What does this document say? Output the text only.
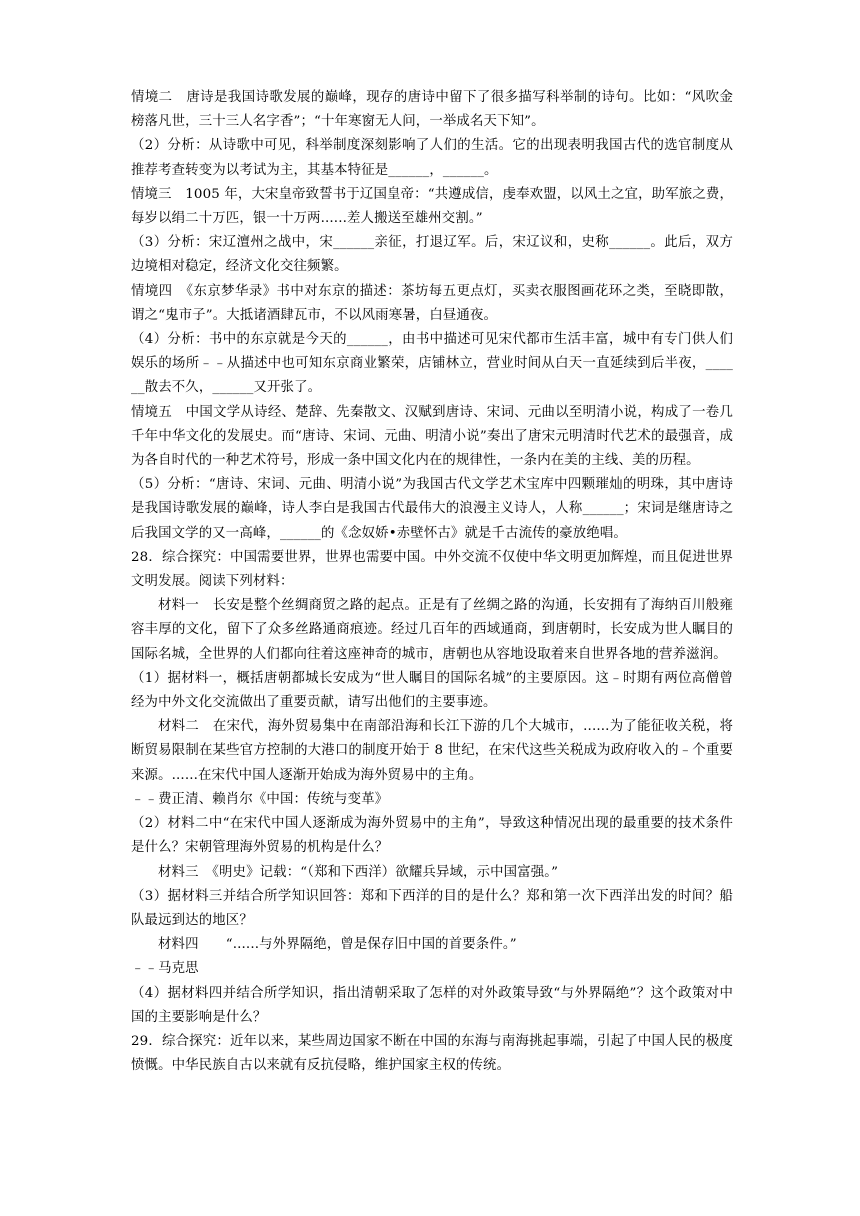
情境二　唐诗是我国诗歌发展的巅峰，现存的唐诗中留下了很多描写科举制的诗句。比如：“风吹金榜落凡世，三十三人名字香”；“十年寒窗无人问，一举成名天下知”。

（2）分析：从诗歌中可见，科举制度深刻影响了人们的生活。它的出现表明我国古代的选官制度从推荐考查转变为以考试为主，其基本特征是______，______。

情境三　1005 年，大宋皇帝致誓书于辽国皇帝：“共遵成信，虔奉欢盟，以风土之宜，助军旅之费，每岁以绢二十万匹，银一十万两......差人搬送至雄州交割。”

（3）分析：宋辽澶州之战中，宋______亲征，打退辽军。后，宋辽议和，史称______。此后，双方边境相对稳定，经济文化交往频繁。

情境四　《东京梦华录》书中对东京的描述：茶坊每五更点灯，买卖衣服图画花环之类，至晓即散，谓之“鬼市子”。大抵诸酒肆瓦市，不以风雨寒暑，白昼通夜。

（4）分析：书中的东京就是今天的______，由书中描述可见宋代都市生活丰富，城中有专门供人们娱乐的场所﹣﹣从描述中也可知东京商业繁荣，店铺林立，营业时间从白天一直延续到后半夜，______散去不久，______又开张了。

情境五　中国文学从诗经、楚辞、先秦散文、汉赋到唐诗、宋词、元曲以至明清小说，构成了一卷几千年中华文化的发展史。而“唐诗、宋词、元曲、明清小说”奏出了唐宋元明清时代艺术的最强音，成为各自时代的一种艺术符号，形成一条中国文化内在的规律性，一条内在美的主线、美的历程。

（5）分析：“唐诗、宋词、元曲、明清小说”为我国古代文学艺术宝库中四颗璀灿的明珠，其中唐诗是我国诗歌发展的巅峰，诗人李白是我国古代最伟大的浪漫主义诗人，人称______；宋词是继唐诗之后我国文学的又一高峰，______的《念奴娇•赤壁怀古》就是千古流传的豪放绝唱。

28．综合探究：中国需要世界，世界也需要中国。中外交流不仅使中华文明更加辉煌，而且促进世界文明发展。阅读下列材料：

材料一　长安是整个丝绸商贸之路的起点。正是有了丝绸之路的沟通，长安拥有了海纳百川般雍容丰厚的文化，留下了众多丝路通商痕迹。经过几百年的西域通商，到唐朝时，长安成为世人瞩目的国际名城，全世界的人们都向往着这座神奇的城市，唐朝也从容地设取着来自世界各地的营养滋润。

（1）据材料一，概括唐朝都城长安成为“世人瞩目的国际名城”的主要原因。这﹣时期有两位高僧曾经为中外文化交流做出了重要贡献，请写出他们的主要事迹。

材料二　在宋代，海外贸易集中在南部沿海和长江下游的几个大城市，......为了能征收关税，将断贸易限制在某些官方控制的大港口的制度开始于 8 世纪，在宋代这些关税成为政府收入的﹣个重要来源。......在宋代中国人逐渐开始成为海外贸易中的主角。

﹣﹣费正清、赖肖尔《中国：传统与变革》

（2）材料二中“在宋代中国人逐渐成为海外贸易中的主角”，导致这种情况出现的最重要的技术条件是什么？宋朝管理海外贸易的机构是什么？

材料三　《明史》记载：“（郑和下西洋）欲耀兵异域，示中国富强。”

（3）据材料三并结合所学知识回答：郑和下西洋的目的是什么？郑和第一次下西洋出发的时间？船队最远到达的地区？

材料四　　“......与外界隔绝，曾是保存旧中国的首要条件。”

﹣﹣马克思

（4）据材料四并结合所学知识，指出清朝采取了怎样的对外政策导致“与外界隔绝”？这个政策对中国的主要影响是什么？

29．综合探究：近年以来，某些周边国家不断在中国的东海与南海挑起事端，引起了中国人民的极度愤慨。中华民族自古以来就有反抗侵略，维护国家主权的传统。
